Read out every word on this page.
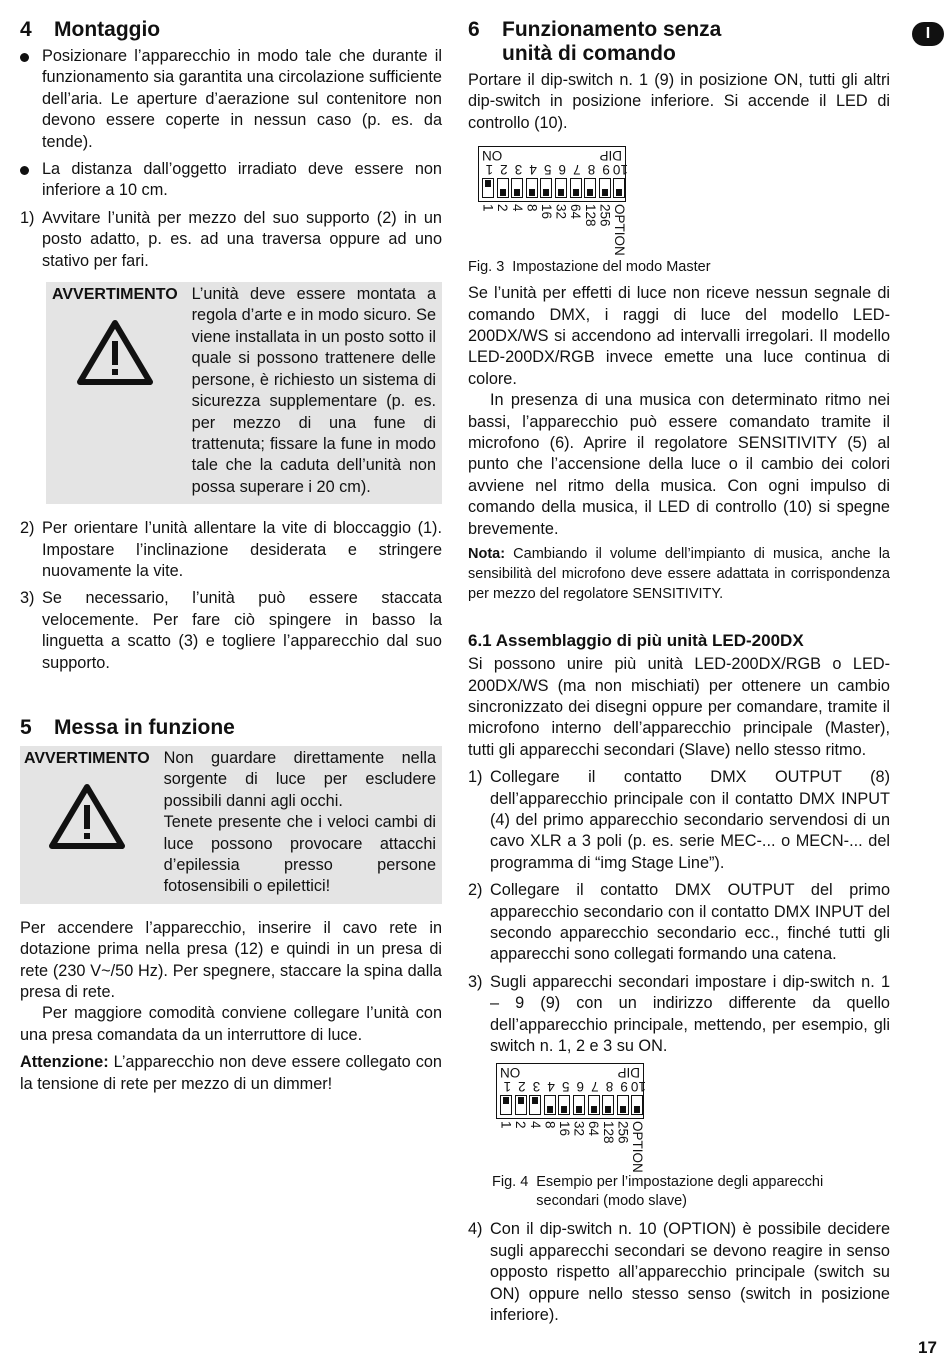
I
4	Montaggio
Posizionare l’apparecchio in modo tale che durante il funzionamento sia garantita una circolazione sufficiente dell’aria. Le aperture d’aerazione sul contenitore non devono essere coperte in nessun caso (p. es. da tende).
La distanza dall’oggetto irradiato deve essere non inferiore a 10 cm.
1) Avvitare l’unità per mezzo del suo supporto (2) in un posto adatto, p. es. ad una traversa oppure ad uno stativo per fari.
AVVERTIMENTO L’unità deve essere montata a regola d’arte e in modo sicuro. Se viene installata in un posto sotto il quale si possono trattenere delle persone, è richiesto un sistema di sicurezza supplementare (p. es. per mezzo di una fune di trattenuta; fissare la fune in modo tale che la caduta dell’unità non possa superare i 20 cm).
2) Per orientare l’unità allentare la vite di bloccaggio (1). Impostare l’inclinazione desiderata e stringere nuovamente la vite.
3) Se necessario, l’unità può essere staccata velocemente. Per fare ciò spingere in basso la linguetta a scatto (3) e togliere l’apparecchio dal suo supporto.
5	Messa in funzione
AVVERTIMENTO Non guardare direttamente nella sorgente di luce per escludere possibili danni agli occhi.
Tenete presente che i veloci cambi di luce possono provocare attacchi d’epilessia presso persone fotosensibili o epilettici!

Per accendere l’apparecchio, inserire il cavo rete in dotazione prima nella presa (12) e quindi in un presa di rete (230 V~/50 Hz). Per spegnere, staccare la spina dalla presa di rete.

Per maggiore comodità conviene collegare l’unità con una presa comandata da un interruttore di luce.

Attenzione: L’apparecchio non deve essere collegato con la tensione di rete per mezzo di un dimmer!

6	Funzionamento senza
unità di comando

Portare il dip-switch n. 1 (9) in posizione ON, tutti gli altri dip-switch in posizione inferiore. Si accende il LED di controllo (10).

DIP
ON
10
9
8
7
6
5
4
3
2
1
1 2 4 8 16 32 64 128 256 OPTION
Fig. 3 Impostazione del modo Master

Se l’unità per effetti di luce non riceve nessun segnale di comando DMX, i raggi di luce del modello LED-200DX/WS si accendono ad intervalli irregolari. Il modello LED-200DX/RGB invece emette una luce continua di colore.

In presenza di una musica con determinato ritmo nei bassi, l’apparecchio può essere comandato tramite il microfono (6). Aprire il regolatore SENSITIVITY (5) al punto che l’accensione della luce o il cambio dei colori avviene nel ritmo della musica. Con ogni impulso di comando della musica, il LED di controllo (10) si spegne brevemente.

Nota: Cambiando il volume dell’impianto di musica, anche la sensibilità del microfono deve essere adattata in corrispondenza per mezzo del regolatore SENSITIVITY.

6.1 Assemblaggio di più unità LED-200DX

Si possono unire più unità LED-200DX/RGB o LED-200DX/WS (ma non mischiati) per ottenere un cambio sincronizzato dei disegni oppure per comandare, tramite il microfono interno dell’apparecchio principale (Master), tutti gli apparecchi secondari (Slave) nello stesso ritmo.

1) Collegare il contatto DMX OUTPUT (8) dell’apparecchio principale con il contatto DMX INPUT (4) del primo apparecchio secondario servendosi di un cavo XLR a 3 poli (p. es. serie MEC-... o MECN-... del programma di “img Stage Line”).
2) Collegare il contatto DMX OUTPUT del primo apparecchio secondario con il contatto DMX INPUT del secondo apparecchio secondario ecc., finché tutti gli apparecchi sono collegati formando una catena.
3) Sugli apparecchi secondari impostare i dip-switch n. 1 – 9 (9) con un indirizzo differente da quello dell’apparecchio principale, mettendo, per esempio, gli switch n. 1, 2 e 3 su ON.
DIP
ON
10
9
8
7
6
5
4
3
2
1
1 2 4 8 16 32 64 128 256 OPTION
Fig. 4 Esempio per l’impostazione degli apparecchi secondari (modo slave)
4) Con il dip-switch n. 10 (OPTION) è possibile decidere sugli apparecchi secondari se devono reagire in senso opposto rispetto all’apparecchio principale (switch su ON) oppure nello stesso senso (switch in posizione inferiore).
17
